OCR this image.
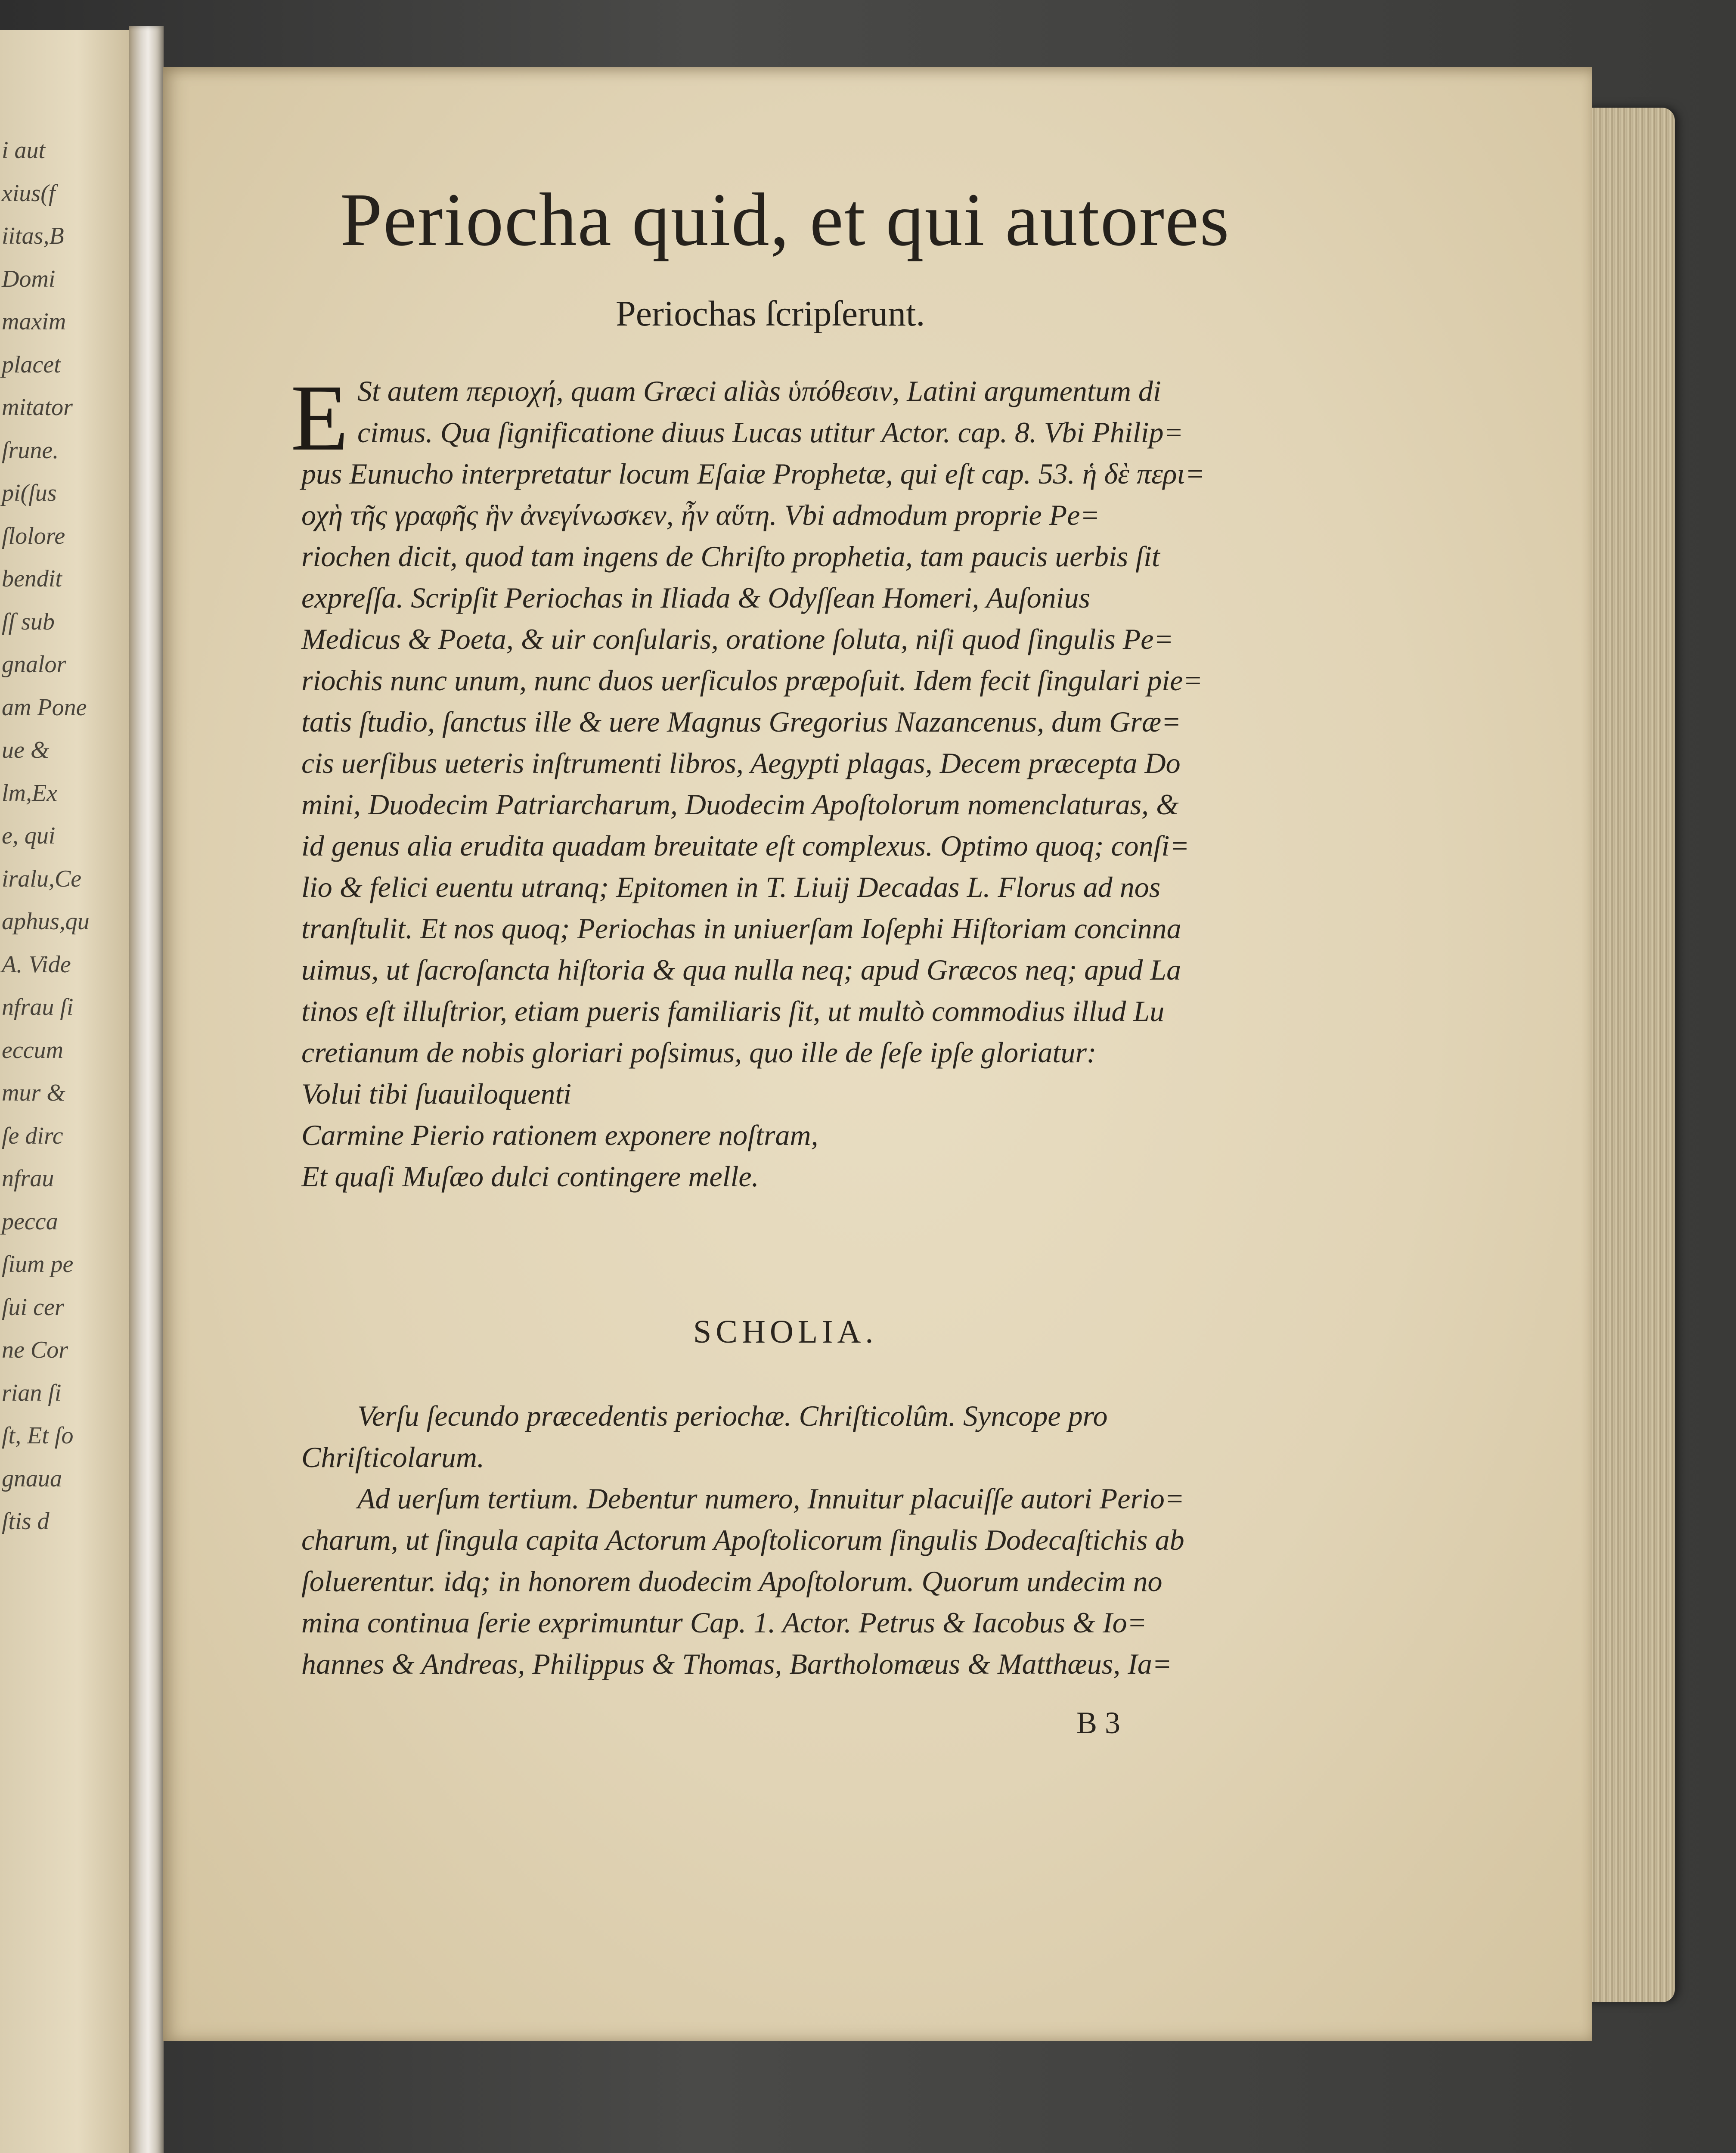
i aut
xius(f
iitas,B
Domi
maxim
placet
mitator
ſrune.
pi(ſus
ſlolore
bendit
ſſ sub
gnalor
am Pone
ue &
lm,Ex
e, qui
iralu,Ce
aphus,qu
A. Vide
nfrau ſi
eccum
mur &
ſe dirc
nfrau
pecca
ſium pe
ſui cer
ne Cor
rian ſi
ſt, Et ſo
gnaua
ſtis d
Periocha quid, et qui autores
Periochas ſcripſerunt.
E St autem περιοχή, quam Græci aliàs ὑπόθεσιν, Latini argumentum di
cimus. Qua ſignificatione diuus Lucas utitur Actor. cap. 8. Vbi Philip=
pus Eunucho interpretatur locum Eſaiæ Prophetæ, qui eſt cap. 53. ἡ δὲ περι=
οχὴ τῆς γραφῆς ἣν ἀνεγίνωσκεν, ἦν αὕτη. Vbi admodum proprie Pe=
riochen dicit, quod tam ingens de Chriſto prophetia, tam paucis uerbis ſit
expreſſa. Scripſit Periochas in Iliada & Odyſſean Homeri, Auſonius
Medicus & Poeta, & uir conſularis, oratione ſoluta, niſi quod ſingulis Pe=
riochis nunc unum, nunc duos uerſiculos præpoſuit. Idem fecit ſingulari pie=
tatis ſtudio, ſanctus ille & uere Magnus Gregorius Nazancenus, dum Græ=
cis uerſibus ueteris inſtrumenti libros, Aegypti plagas, Decem præcepta Do
mini, Duodecim Patriarcharum, Duodecim Apoſtolorum nomenclaturas, &
id genus alia erudita quadam breuitate eſt complexus. Optimo quoq; conſi=
lio & felici euentu utranq; Epitomen in T. Liuij Decadas L. Florus ad nos
tranſtulit. Et nos quoq; Periochas in uniuerſam Ioſephi Hiſtoriam concinna
uimus, ut ſacroſancta hiſtoria & qua nulla neq; apud Græcos neq; apud La
tinos eſt illuſtrior, etiam pueris familiaris ſit, ut multò commodius illud Lu
cretianum de nobis gloriari poſsimus, quo ille de ſeſe ipſe gloriatur:
Volui tibi ſuauiloquenti
Carmine Pierio rationem exponere noſtram,
Et quaſi Muſæo dulci contingere melle.
SCHOLIA.
Verſu ſecundo præcedentis periochæ. Chriſticolûm. Syncope pro
Chriſticolarum.
Ad uerſum tertium. Debentur numero, Innuitur placuiſſe autori Perio=
charum, ut ſingula capita Actorum Apoſtolicorum ſingulis Dodecaſtichis ab
ſoluerentur. idq; in honorem duodecim Apoſtolorum. Quorum undecim no
mina continua ſerie exprimuntur Cap. 1. Actor. Petrus & Iacobus & Io=
hannes & Andreas, Philippus & Thomas, Bartholomæus & Matthæus, Ia=
B 3
